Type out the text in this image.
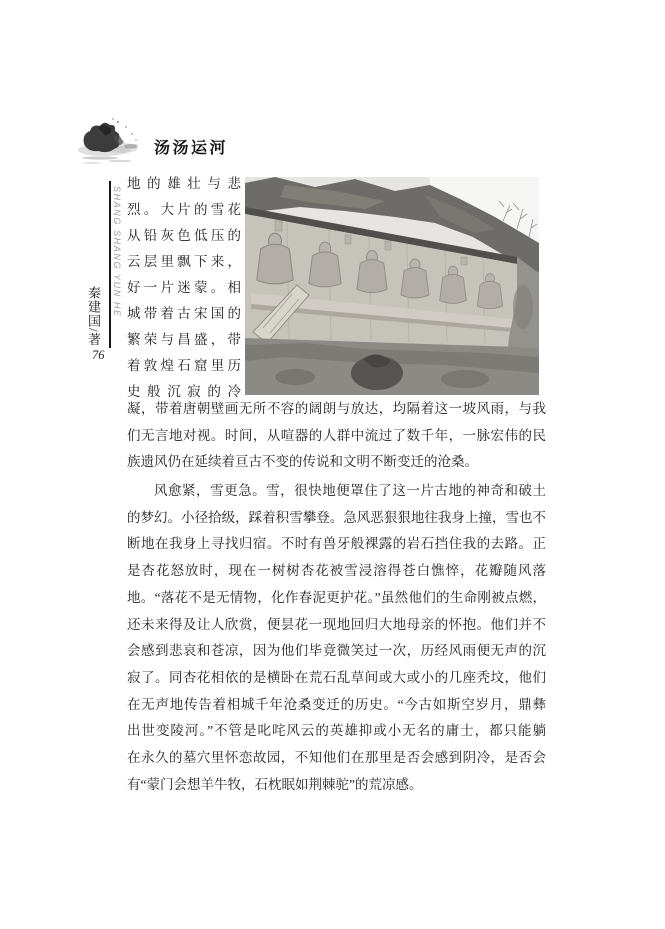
汤汤运河
SHANG SHANG YUN HE
秦建国/著
76
地的雄壮与悲
烈。大片的雪花
从铅灰色低压的
云层里飘下来，
好一片迷蒙。相
城带着古宋国的
繁荣与昌盛，带
着敦煌石窟里历
史般沉寂的冷
凝，带着唐朝壁画无所不容的阔朗与放达，均隔着这一坡风雨，与我
们无言地对视。时间，从喧器的人群中流过了数千年，一脉宏伟的民
族遗风仍在延续着亘古不变的传说和文明不断变迁的沧桑。
风愈紧，雪更急。雪，很快地便罩住了这一片古地的神奇和破土
的梦幻。小径拾级，踩着积雪攀登。急风恶狠狠地往我身上撞，雪也不
断地在我身上寻找归宿。不时有兽牙般裸露的岩石挡住我的去路。正
是杏花怒放时，现在一树树杏花被雪浸溶得苍白憔悴，花瓣随风落
地。“落花不是无情物，化作春泥更护花。”虽然他们的生命刚被点燃，
还未来得及让人欣赏，便昙花一现地回归大地母亲的怀抱。他们并不
会感到悲哀和苍凉，因为他们毕竟微笑过一次，历经风雨便无声的沉
寂了。同杏花相依的是横卧在荒石乱草间或大或小的几座秃坟，他们
在无声地传告着相城千年沧桑变迁的历史。“今古如斯空岁月，鼎彝
出世变陵河。”不管是叱咤风云的英雄抑或小无名的庸士，都只能躺
在永久的墓穴里怀恋故园，不知他们在那里是否会感到阴冷，是否会
有“蒙门会想羊牛牧，石枕眠如荆棘驼”的荒凉感。
